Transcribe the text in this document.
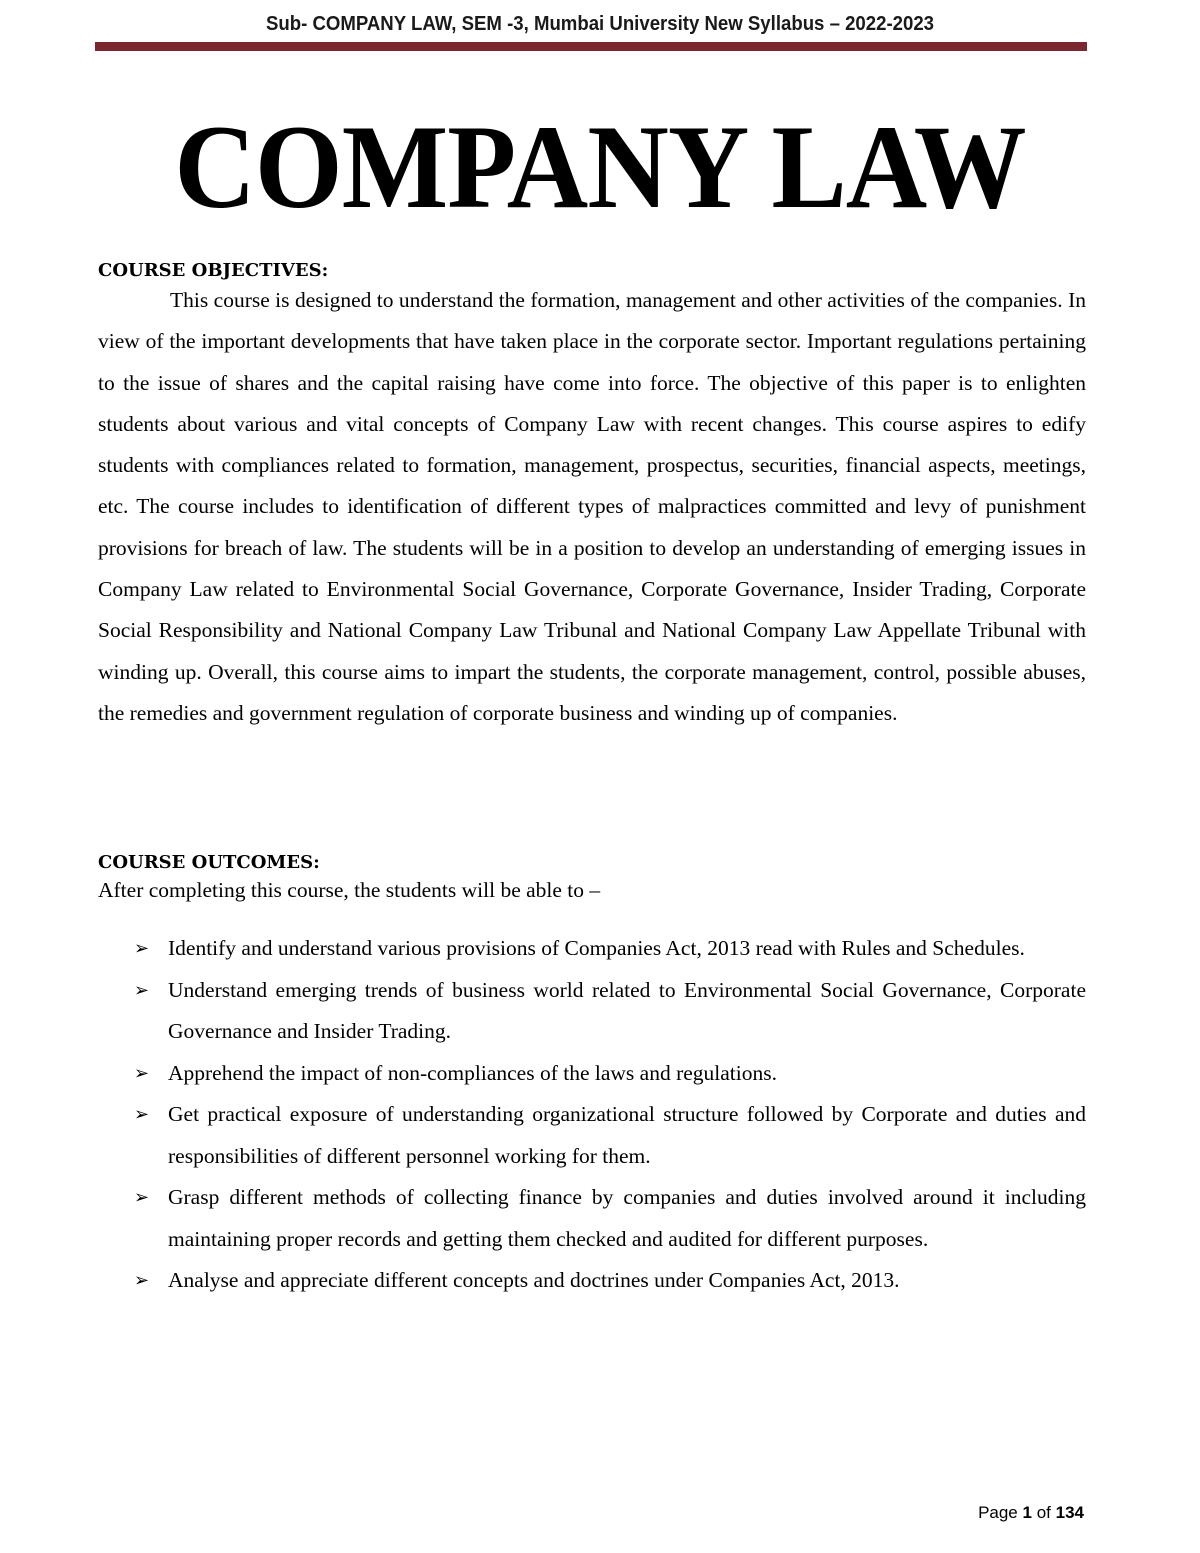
Sub- COMPANY LAW, SEM -3, Mumbai University New Syllabus – 2022-2023
COMPANY LAW
COURSE OBJECTIVES:

This course is designed to understand the formation, management and other activities of the companies. In view of the important developments that have taken place in the corporate sector. Important regulations pertaining to the issue of shares and the capital raising have come into force. The objective of this paper is to enlighten students about various and vital concepts of Company Law with recent changes. This course aspires to edify students with compliances related to formation, management, prospectus, securities, financial aspects, meetings, etc. The course includes to identification of different types of malpractices committed and levy of punishment provisions for breach of law. The students will be in a position to develop an understanding of emerging issues in Company Law related to Environmental Social Governance, Corporate Governance, Insider Trading, Corporate Social Responsibility and National Company Law Tribunal and National Company Law Appellate Tribunal with winding up. Overall, this course aims to impart the students, the corporate management, control, possible abuses, the remedies and government regulation of corporate business and winding up of companies.

COURSE OUTCOMES:
After completing this course, the students will be able to –
➢ Identify and understand various provisions of Companies Act, 2013 read with Rules and Schedules.
➢ Understand emerging trends of business world related to Environmental Social Governance, Corporate Governance and Insider Trading.
➢ Apprehend the impact of non-compliances of the laws and regulations.
➢ Get practical exposure of understanding organizational structure followed by Corporate and duties and responsibilities of different personnel working for them.
➢ Grasp different methods of collecting finance by companies and duties involved around it including maintaining proper records and getting them checked and audited for different purposes.
➢ Analyse and appreciate different concepts and doctrines under Companies Act, 2013.
Page 1 of 134
